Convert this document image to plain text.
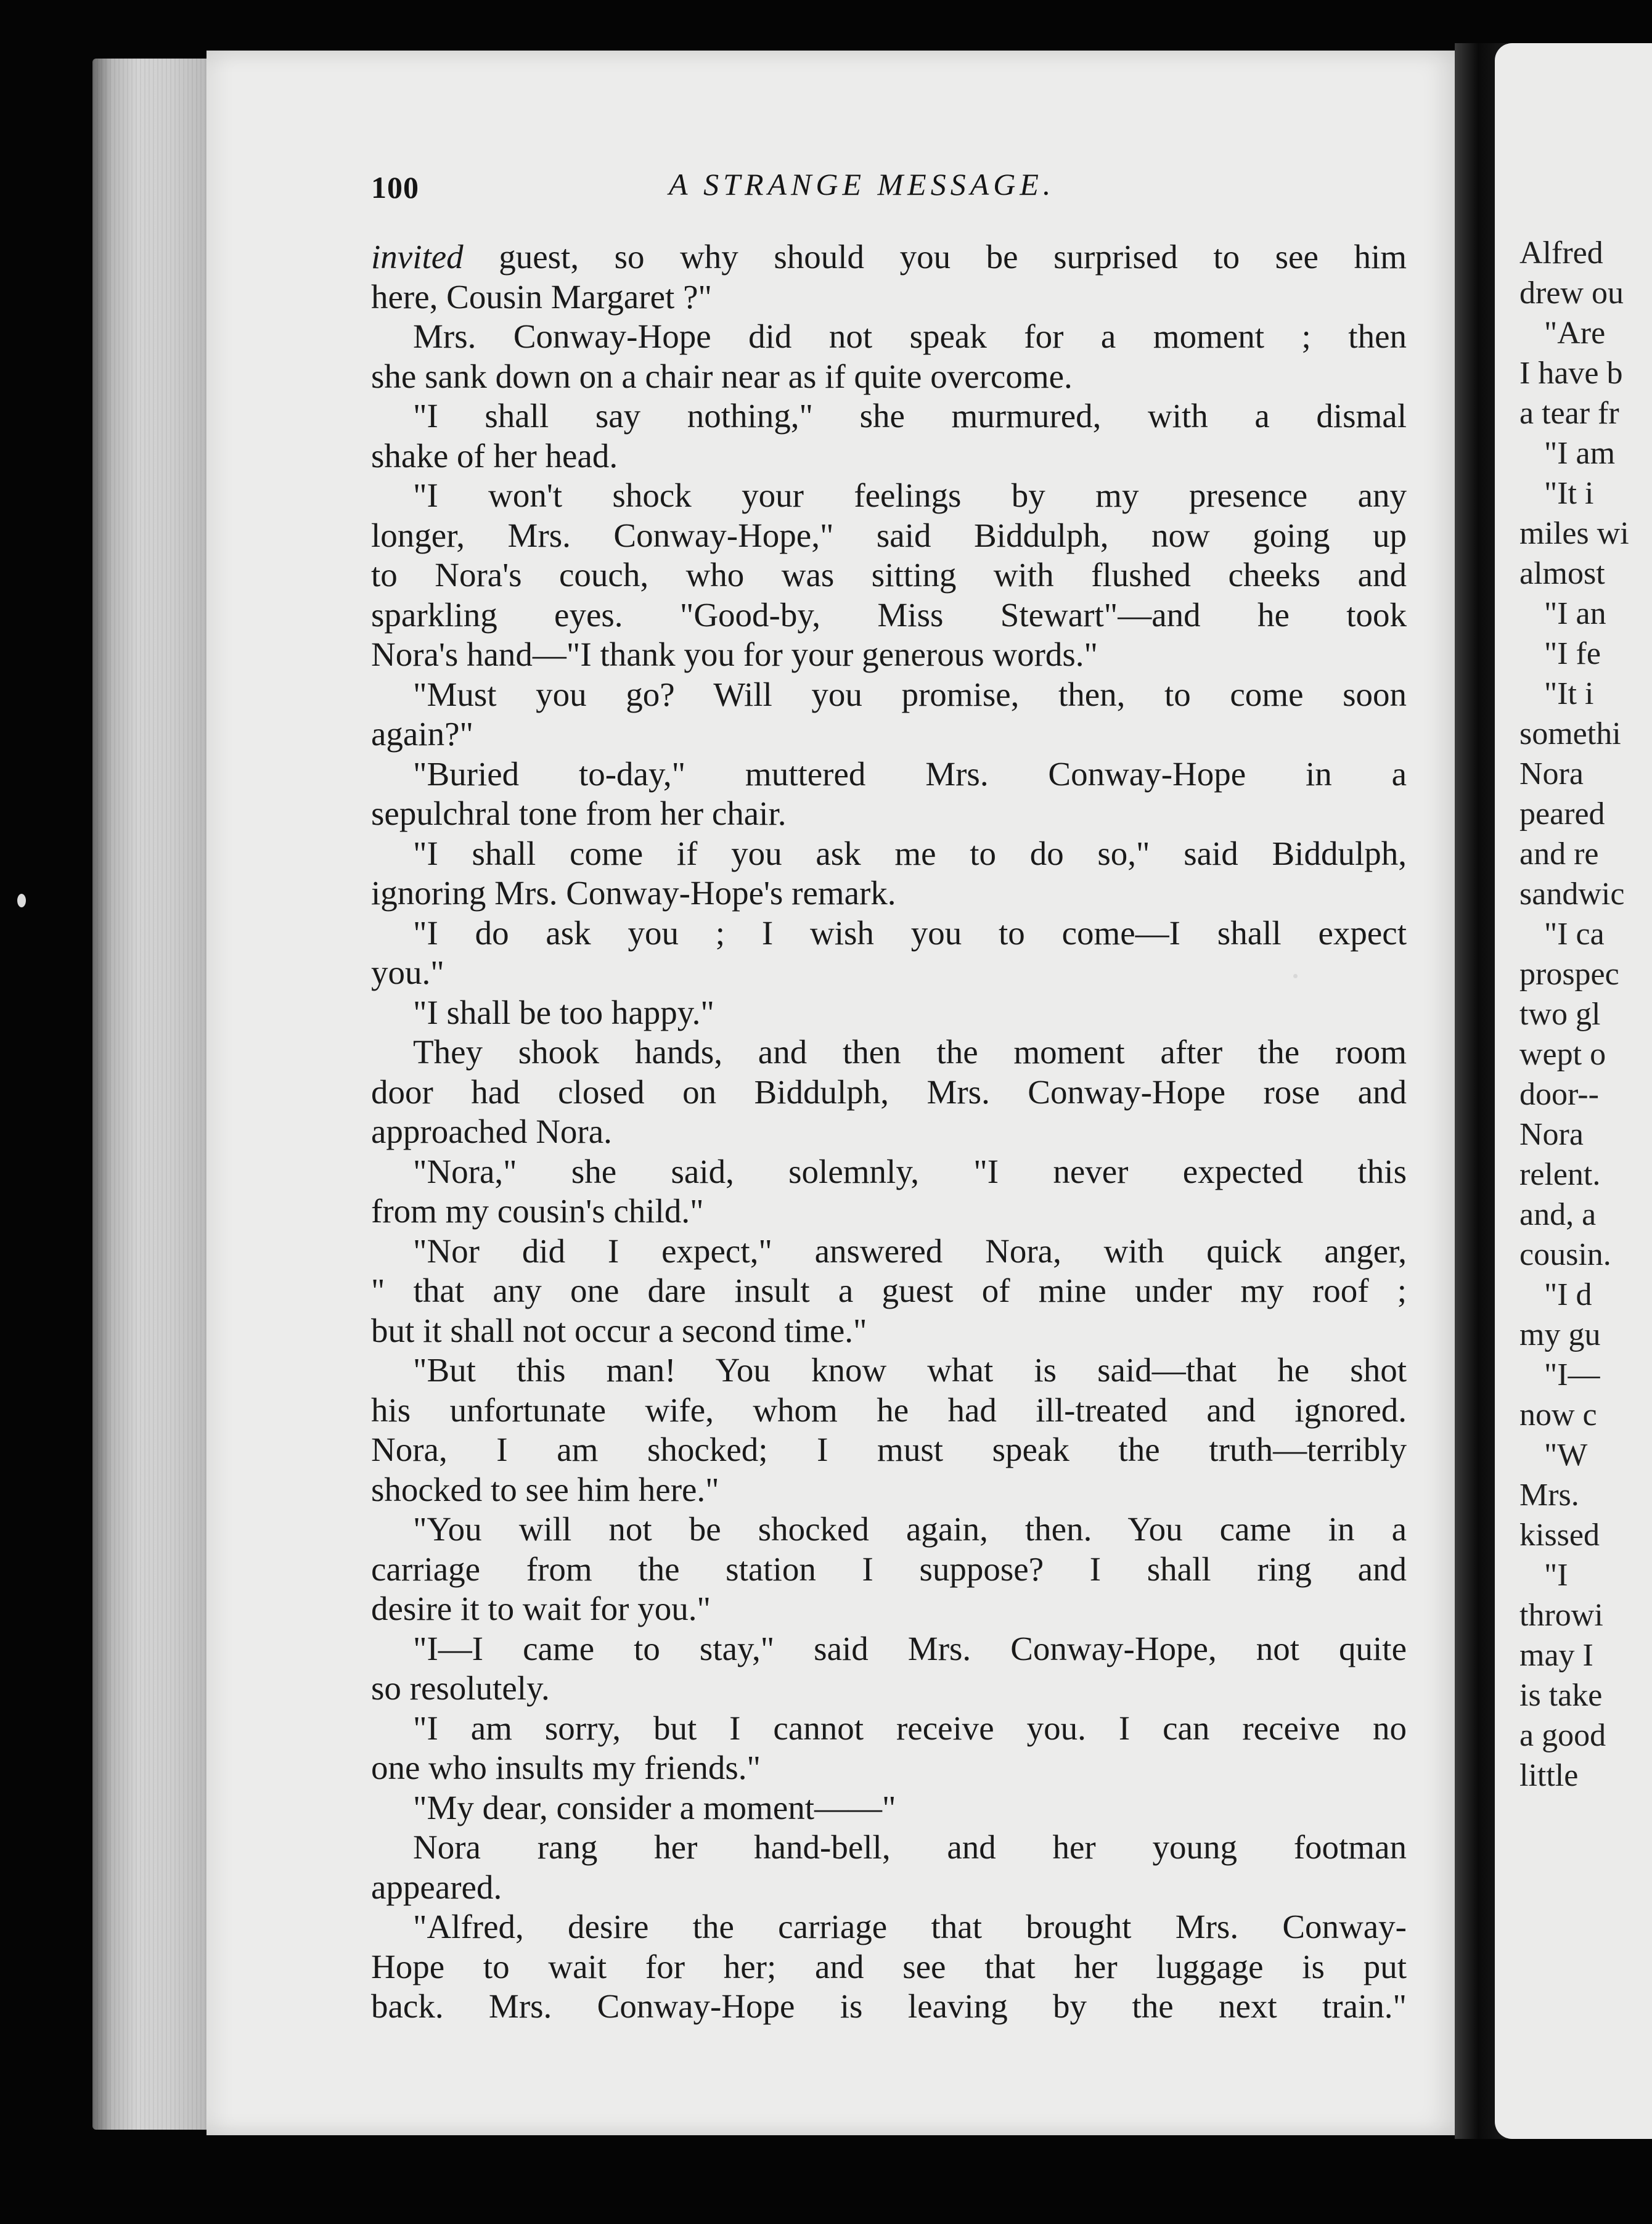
Alfred
drew ou
"Are
I have b
a tear fr
"I am
"It i
miles wi
almost
"I an
"I fe
"It i
somethi
Nora
peared
and re
sandwic
"I ca
prospec
two gl
wept o
door--
Nora
relent.
and, a
cousin.
"I d
my gu
"I—
now c
"W
Mrs.
kissed
"I
throwi
may I
is take
a good
little
100	A STRANGE MESSAGE.
invited guest, so why should you be surprised to see him
here, Cousin Margaret ?"
Mrs. Conway-Hope did not speak for a moment ; then
she sank down on a chair near as if quite overcome.
"I shall say nothing," she murmured, with a dismal
shake of her head.
"I won't shock your feelings by my presence any
longer, Mrs. Conway-Hope," said Biddulph, now going up
to Nora's couch, who was sitting with flushed cheeks and
sparkling eyes. "Good-by, Miss Stewart"—and he took
Nora's hand—"I thank you for your generous words."
"Must you go? Will you promise, then, to come soon
again?"
"Buried to-day," muttered Mrs. Conway-Hope in a
sepulchral tone from her chair.
"I shall come if you ask me to do so," said Biddulph,
ignoring Mrs. Conway-Hope's remark.
"I do ask you ; I wish you to come—I shall expect
you."
"I shall be too happy."
They shook hands, and then the moment after the room
door had closed on Biddulph, Mrs. Conway-Hope rose and
approached Nora.
"Nora," she said, solemnly, "I never expected this
from my cousin's child."
"Nor did I expect," answered Nora, with quick anger,
" that any one dare insult a guest of mine under my roof ;
but it shall not occur a second time."
"But this man! You know what is said—that he shot
his unfortunate wife, whom he had ill-treated and ignored.
Nora, I am shocked; I must speak the truth—terribly
shocked to see him here."
"You will not be shocked again, then. You came in a
carriage from the station I suppose? I shall ring and
desire it to wait for you."
"I—I came to stay," said Mrs. Conway-Hope, not quite
so resolutely.
"I am sorry, but I cannot receive you. I can receive no
one who insults my friends."
"My dear, consider a moment——"
Nora rang her hand-bell, and her young footman
appeared.
"Alfred, desire the carriage that brought Mrs. Conway-
Hope to wait for her; and see that her luggage is put
back. Mrs. Conway-Hope is leaving by the next train."
